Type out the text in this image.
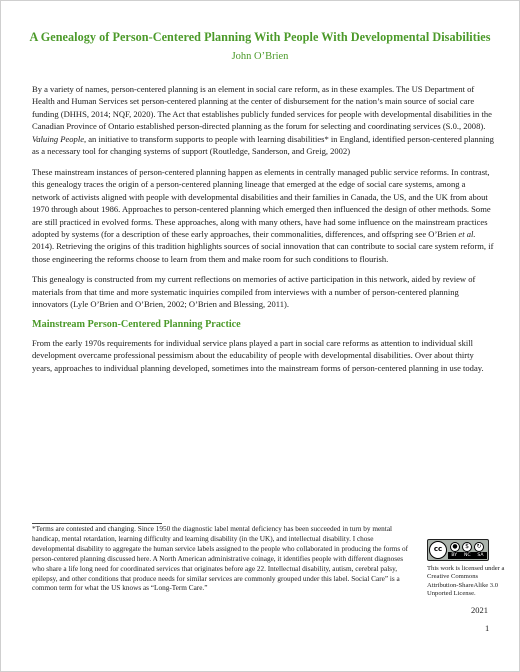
A Genealogy of Person-Centered Planning With People With Developmental Disabilities
John O’Brien

By a variety of names, person-centered planning is an element in social care reform, as in these examples. The US Department of Health and Human Services set person-centered planning at the center of disbursement for the nation’s main source of social care funding (DHHS, 2014; NQF, 2020). The Act that establishes publicly funded services for people with developmental disabilities in the Canadian Province of Ontario established person-directed planning as the forum for selecting and coordinating services (S.0., 2008). Valuing People, an initiative to transform supports to people with learning disabilities* in England, identified person-centered planning as a necessary tool for changing systems of support (Routledge, Sanderson, and Greig, 2002)

These mainstream instances of person-centered planning happen as elements in centrally managed public service reforms. In contrast, this genealogy traces the origin of a person-centered planning lineage that emerged at the edge of social care systems, among a network of activists aligned with people with developmental disabilities and their families in Canada, the US, and the UK from about 1970 through about 1986. Approaches to person-centered planning which emerged then influenced the design of other methods. Some are still practiced in evolved forms. These approaches, along with many others, have had some influence on the mainstream practices adopted by systems (for a description of these early approaches, their commonalities, differences, and offspring see O’Brien et al. 2014). Retrieving the origins of this tradition highlights sources of social innovation that can contribute to social care system reform, if those engineering the reforms choose to learn from them and make room for such conditions to flourish.

This genealogy is constructed from my current reflections on memories of active participation in this network, aided by review of materials from that time and more systematic inquiries compiled from interviews with a number of person-centered planning innovators (Lyle O’Brien and O’Brien, 2002; O’Brien and Blessing, 2011).

Mainstream Person-Centered Planning Practice

From the early 1970s requirements for individual service plans played a part in social care reforms as attention to individual skill development overcame professional pessimism about the educability of people with developmental disabilities. Over about thirty years, approaches to individual planning developed, sometimes into the mainstream forms of person-centered planning in use today.

*Terms are contested and changing. Since 1950 the diagnostic label mental deficiency has been succeeded in turn by mental handicap, mental retardation, learning difficulty and learning disability (in the UK), and intellectual disability. I chose developmental disability to aggregate the human service labels assigned to the people who collaborated in producing the forms of person-centered planning discussed here. A North American administrative coinage, it identifies people with different diagnoses who share a life long need for coordinated services that originates before age 22. Intellectual disability, autism, cerebral palsy, epilepsy, and other conditions that produce needs for similar services are commonly grouped under this label. Social Care” is a common term for what the US knows as “Long-Term Care.”
cc	●	$	↻
BY NC SA
This work is licensed under a Creative Commons Attribution-ShareAlike 3.0 Unported License.
2021
1
